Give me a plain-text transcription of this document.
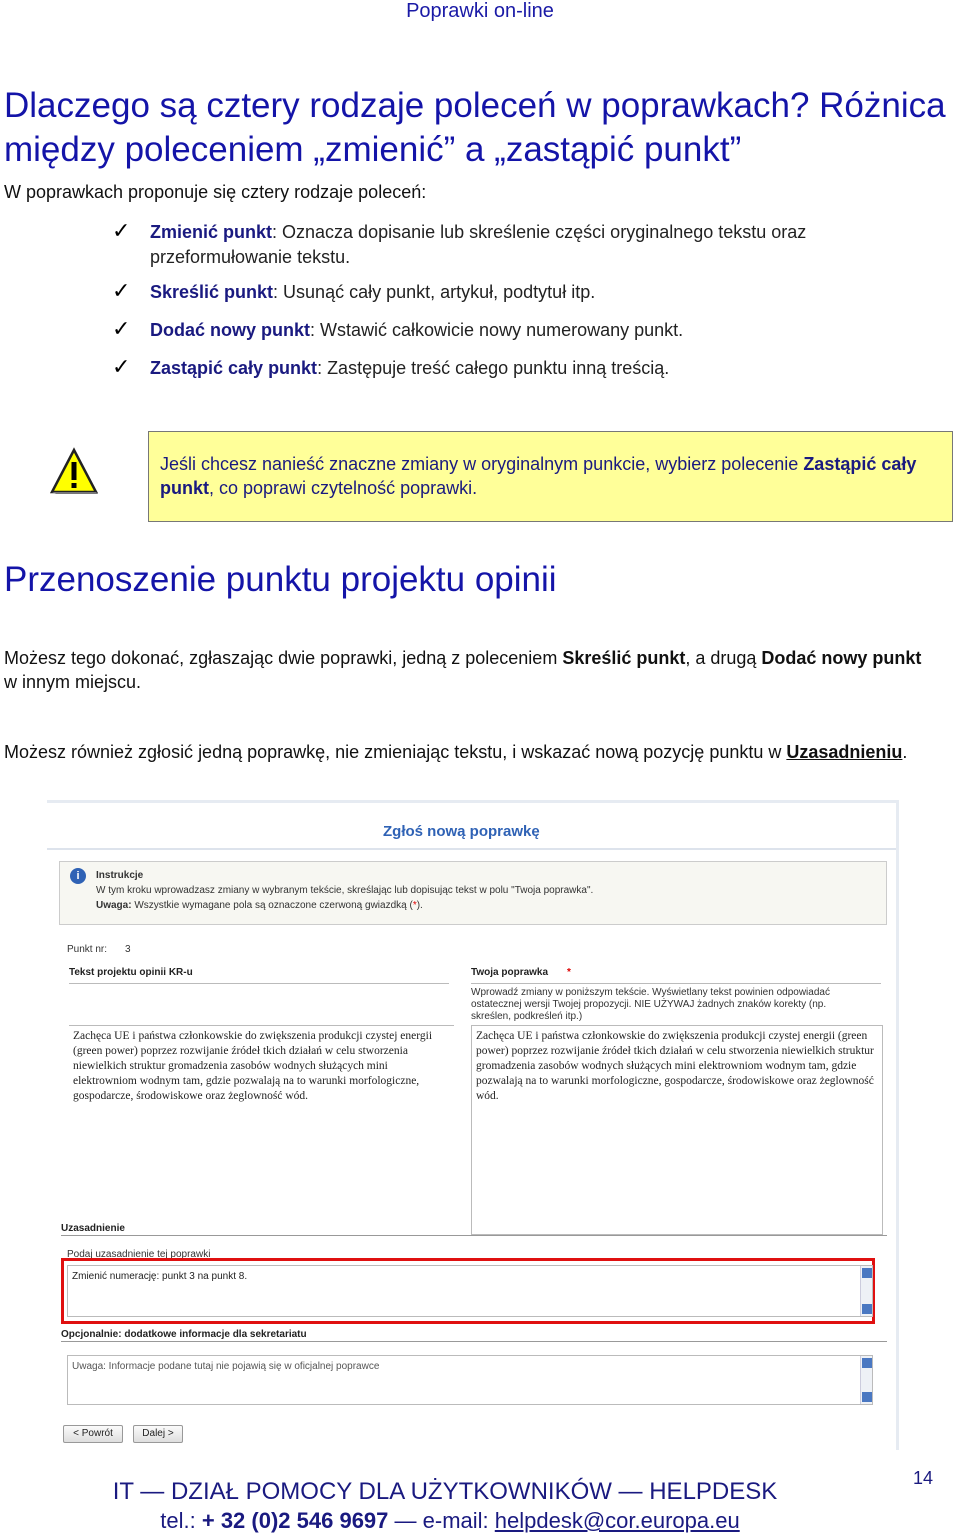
Poprawki on-line
Dlaczego są cztery rodzaje poleceń w poprawkach? Różnica między poleceniem „zmienić” a „zastąpić punkt”

W poprawkach proponuje się cztery rodzaje poleceń:

✓ Zmienić punkt: Oznacza dopisanie lub skreślenie części oryginalnego tekstu oraz przeformułowanie tekstu.
✓ Skreślić punkt: Usunąć cały punkt, artykuł, podtytuł itp.
✓ Dodać nowy punkt: Wstawić całkowicie nowy numerowany punkt.
✓ Zastąpić cały punkt: Zastępuje treść całego punktu inną treścią.
Jeśli chcesz nanieść znaczne zmiany w oryginalnym punkcie, wybierz polecenie Zastąpić cały punkt, co poprawi czytelność poprawki.
Przenoszenie punktu projektu opinii

Możesz tego dokonać, zgłaszając dwie poprawki, jedną z poleceniem Skreślić punkt, a drugą Dodać nowy punkt w innym miejscu.

Możesz również zgłosić jedną poprawkę, nie zmieniając tekstu, i wskazać nową pozycję punktu w Uzasadnieniu.

Zgłoś nową poprawkę
i	Instrukcje
W tym kroku wprowadzasz zmiany w wybranym tekście, skreślając lub dopisując tekst w polu "Twoja poprawka".
Uwaga: Wszystkie wymagane pola są oznaczone czerwoną gwiazdką (*).
Punkt nr: 3
Tekst projektu opinii KR-u	Twoja poprawka *
Wprowadź zmiany w poniższym tekście. Wyświetlany tekst powinien odpowiadać ostatecznej wersji Twojej propozycji. NIE UŻYWAJ żadnych znaków korekty (np. skreślen, podkreśleń itp.)
Zachęca UE i państwa członkowskie do zwiększenia produkcji czystej energii (green power) poprzez rozwijanie źródeł tkich działań w celu stworzenia niewielkich struktur gromadzenia zasobów wodnych służących mini elektrowniom wodnym tam, gdzie pozwalają na to warunki morfologiczne, gospodarcze, środowiskowe oraz żeglowność wód.
Zachęca UE i państwa członkowskie do zwiększenia produkcji czystej energii (green power) poprzez rozwijanie źródeł tkich działań w celu stworzenia niewielkich struktur gromadzenia zasobów wodnych służących mini elektrowniom wodnym tam, gdzie pozwalają na to warunki morfologiczne, gospodarcze, środowiskowe oraz żeglowność wód.
Uzasadnienie
Podaj uzasadnienie tej poprawki
Zmienić numerację: punkt 3 na punkt 8.
Opcjonalnie: dodatkowe informacje dla sekretariatu
Uwaga: Informacje podane tutaj nie pojawią się w oficjalnej poprawce
< Powrót	Dalej >
14
IT — DZIAŁ POMOCY DLA UŻYTKOWNIKÓW — HELPDESK
tel.: + 32 (0)2 546 9697 — e-mail: helpdesk@cor.europa.eu
